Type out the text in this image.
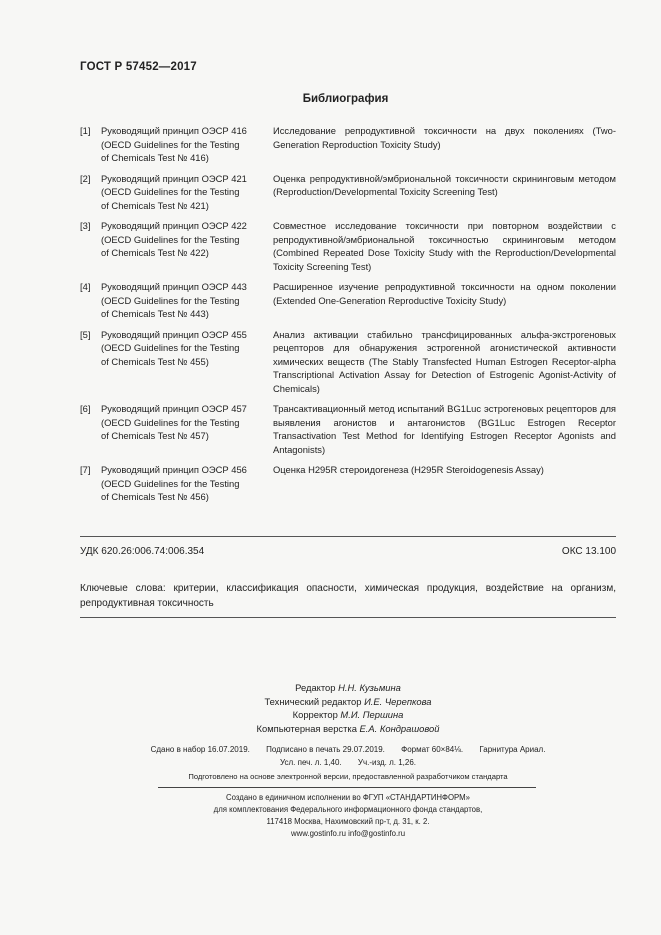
ГОСТ Р 57452—2017
Библиография
[1]	Руководящий принцип ОЭСР 416
(OECD Guidelines for the Testing
of Chemicals Test № 416)
Исследование репродуктивной токсичности на двух поколениях (Two-Generation Reproduction Toxicity Study)
[2]	Руководящий принцип ОЭСР 421
(OECD Guidelines for the Testing
of Chemicals Test № 421)
Оценка репродуктивной/эмбриональной токсичности скрининговым методом (Reproduction/Developmental Toxicity Screening Test)
[3]	Руководящий принцип ОЭСР 422
(OECD Guidelines for the Testing
of Chemicals Test № 422)
Совместное исследование токсичности при повторном воздействии с репродуктивной/эмбриональной токсичностью скрининговым методом (Combined Repeated Dose Toxicity Study with the Reproduction/Developmental Toxicity Screening Test)
[4]	Руководящий принцип ОЭСР 443
(OECD Guidelines for the Testing
of Chemicals Test № 443)
Расширенное изучение репродуктивной токсичности на одном поколении (Extended One-Generation Reproductive Toxicity Study)
[5]	Руководящий принцип ОЭСР 455
(OECD Guidelines for the Testing
of Chemicals Test № 455)
Анализ активации стабильно трансфицированных альфа-экстрогеновых рецепторов для обнаружения эстрогенной агонистической активности химических веществ (The Stably Transfected Human Estrogen Receptor-alpha Transcriptional Activation Assay for Detection of Estrogenic Agonist-Activity of Chemicals)
[6]	Руководящий принцип ОЭСР 457
(OECD Guidelines for the Testing
of Chemicals Test № 457)
Трансактивационный метод испытаний BG1Luc эстрогеновых рецепторов для выявления агонистов и антагонистов (BG1Luc Estrogen Receptor Transactivation Test Method for Identifying Estrogen Receptor Agonists and Antagonists)
[7]	Руководящий принцип ОЭСР 456
(OECD Guidelines for the Testing
of Chemicals Test № 456)
Оценка H295R стероидогенеза (H295R Steroidogenesis Assay)
УДК 620.26:006.74:006.354	ОКС 13.100
Ключевые слова: критерии, классификация опасности, химическая продукция, воздействие на организм, репродуктивная токсичность
Редактор Н.Н. Кузьмина
Технический редактор И.Е. Черепкова
Корректор М.И. Першина
Компьютерная верстка Е.А. Кондрашовой
Сдано в набор 16.07.2019. Подписано в печать 29.07.2019. Формат 60×84⅛. Гарнитура Ариал.
Усл. печ. л. 1,40. Уч.-изд. л. 1,26.
Подготовлено на основе электронной версии, предоставленной разработчиком стандарта
Создано в единичном исполнении во ФГУП «СТАНДАРТИНФОРМ»
для комплектования Федерального информационного фонда стандартов,
117418 Москва, Нахимовский пр-т, д. 31, к. 2.
www.gostinfo.ru info@gostinfo.ru
